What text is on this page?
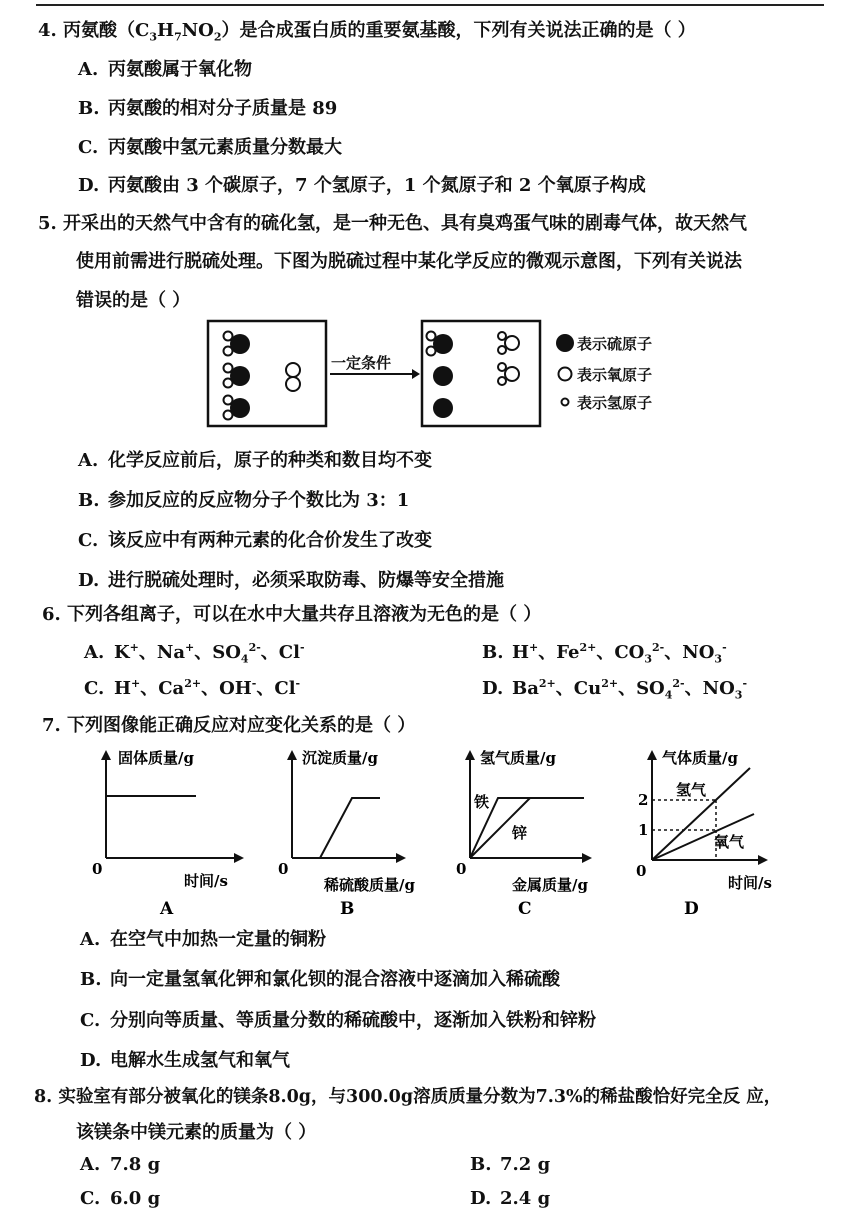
4. 丙氨酸$(C_3H_7NO_2)$是合成蛋白质的重要氨基酸，下列有关说法正确的是（ ）
A. 丙氨酸属于氧化物
B. 丙氨酸的相对分子质量是 89
C. 丙氨酸中氢元素质量分数最大
D. 丙氨酸由 3 个碳原子，7 个氢原子，1 个氮原子和 2 个氧原子构成
5. 开采出的天然气中含有的硫化氢，是一种无色、具有臭鸡蛋气味的剧毒气体，故天然气
使用前需进行脱硫处理。下图为脱硫过程中某化学反应的微观示意图，下列有关说法
错误的是（ ）
一定条件
表示硫原子
表示氧原子
表示氢原子
A. 化学反应前后，原子的种类和数目均不变
B. 参加反应的反应物分子个数比为 3：1
C. 该反应中有两种元素的化合价发生了改变
D. 进行脱硫处理时，必须采取防毒、防爆等安全措施
6. 下列各组离子，可以在水中大量共存且溶液为无色的是（ ）
A. K+、Na+、$SO_4^{2-}$、Cl-	B. H+、$Fe^{2+}$、$CO_3^{2-}$、$NO_3^-$
C. H+、$Ca^{2+}$、OH-、Cl-	D. $Ba^{2+}$、$Cu^{2+}$、$SO_4^{2-}$、$NO_3^-$
7. 下列图像能正确反应对应变化关系的是（ ）
固体质量/g
0
时间/s
A
沉淀质量/g
0
稀硫酸质量/g
B
氢气质量/g
0
铁
锌
金属质量/g
C
2
1
气体质量/g
0
氢气
氧气
时间/s
D
A. 在空气中加热一定量的铜粉
B. 向一定量氢氧化钾和氯化钡的混合溶液中逐滴加入稀硫酸
C. 分别向等质量、等质量分数的稀硫酸中，逐渐加入铁粉和锌粉
D. 电解水生成氢气和氧气
8. 实验室有部分被氧化的镁条8.0g，与300.0g溶质质量分数为7.3%的稀盐酸恰好完全反 应，
该镁条中镁元素的质量为（ ）
A. 7.8 g	B. 7.2 g
C. 6.0 g	D. 2.4 g
